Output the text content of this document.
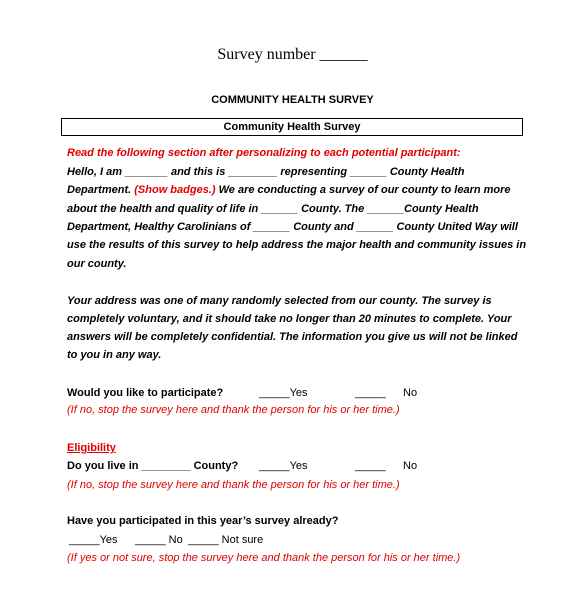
Survey number ______
COMMUNITY HEALTH SURVEY
Community Health Survey
Read the following section after personalizing to each potential participant:
Hello, I am _______ and this is ________ representing ______ County Health
Department. (Show badges.) We are conducting a survey of our county to learn more
about the health and quality of life in ______ County. The ______County Health
Department, Healthy Carolinians of ______ County and ______ County United Way will
use the results of this survey to help address the major health and community issues in
our county.
Your address was one of many randomly selected from our county. The survey is
completely voluntary, and it should take no longer than 20 minutes to complete. Your
answers will be completely confidential. The information you give us will not be linked
to you in any way.
Would you like to participate?	_____Yes	_____ No
(If no, stop the survey here and thank the person for his or her time.)
Eligibility
Do you live in ________ County? _____Yes	_____ No
(If no, stop the survey here and thank the person for his or her time.)
Have you participated in this year’s survey already?
_____Yes _____ No _____ Not sure
(If yes or not sure, stop the survey here and thank the person for his or her time.)
